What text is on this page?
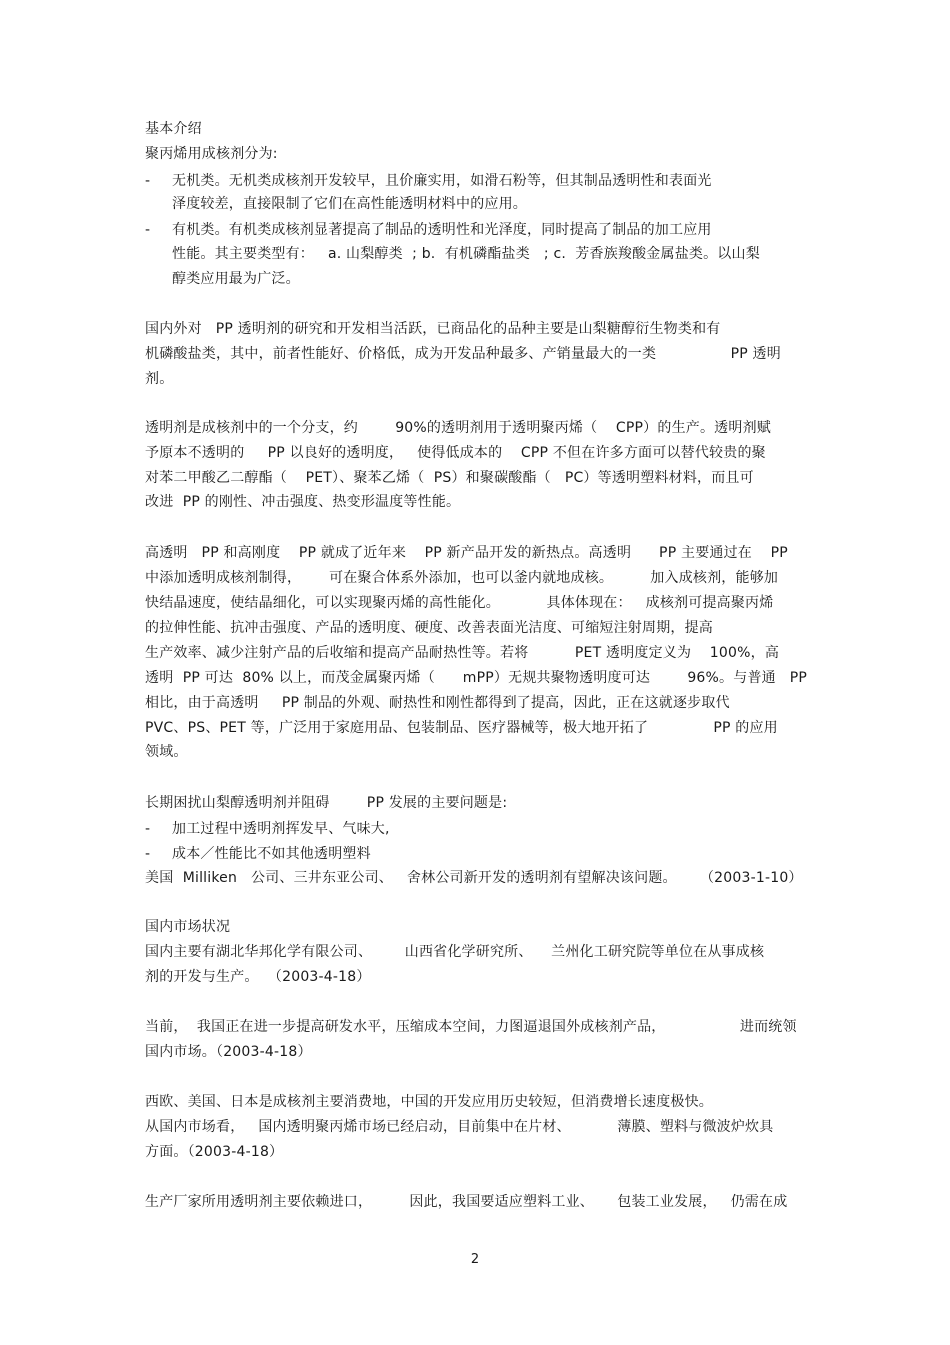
基本介绍
聚丙烯用成核剂分为:
- 无机类。无机类成核剂开发较早，且价廉实用，如滑石粉等，但其制品透明性和表面光
泽度较差，直接限制了它们在高性能透明材料中的应用。
- 有机类。有机类成核剂显著提高了制品的透明性和光泽度，同时提高了制品的加工应用
性能。其主要类型有：   a. 山梨醇类  ; b.  有机磷酯盐类   ; c.  芳香族羧酸金属盐类。以山梨
醇类应用最为广泛。
国内外对   PP 透明剂的研究和开发相当活跃，已商品化的品种主要是山梨糖醇衍生物类和有
机磷酸盐类，其中，前者性能好、价格低，成为开发品种最多、产销量最大的一类                PP 透明
剂。
透明剂是成核剂中的一个分支，约        90%的透明剂用于透明聚丙烯（    CPP）的生产。透明剂赋
予原本不透明的     PP 以良好的透明度，   使得低成本的    CPP 不但在许多方面可以替代较贵的聚
对苯二甲酸乙二醇酯（    PET）、聚苯乙烯（  PS）和聚碳酸酯（   PC）等透明塑料材料，而且可
改进  PP 的刚性、冲击强度、热变形温度等性能。
高透明   PP 和高刚度    PP 就成了近年来    PP 新产品开发的新热点。高透明      PP 主要通过在    PP
中添加透明成核剂制得，      可在聚合体系外添加，也可以釜内就地成核。        加入成核剂，能够加
快结晶速度，使结晶细化，可以实现聚丙烯的高性能化。          具体体现在：   成核剂可提高聚丙烯
的拉伸性能、抗冲击强度、产品的透明度、硬度、改善表面光洁度、可缩短注射周期，提高
生产效率、减少注射产品的后收缩和提高产品耐热性等。若将          PET 透明度定义为    100%，高
透明  PP 可达  80% 以上，而茂金属聚丙烯（      mPP）无规共聚物透明度可达        96%。与普通   PP
相比，由于高透明     PP 制品的外观、耐热性和刚性都得到了提高，因此，正在这就逐步取代
PVC、PS、PET 等，广泛用于家庭用品、包装制品、医疗器械等，极大地开拓了              PP 的应用
领域。
长期困扰山梨醇透明剂并阻碍        PP 发展的主要问题是:
- 加工过程中透明剂挥发早、气味大,
- 成本／性能比不如其他透明塑料
美国  Milliken   公司、三井东亚公司、   舍林公司新开发的透明剂有望解决该问题。     （2003-1-10）
国内市场状况
国内主要有湖北华邦化学有限公司、       山西省化学研究所、    兰州化工研究院等单位在从事成核
剂的开发与生产。  （2003-4-18）
当前，  我国正在进一步提高研发水平，压缩成本空间，力图逼退国外成核剂产品，                进而统领
国内市场。（2003-4-18）
西欧、美国、日本是成核剂主要消费地，中国的开发应用历史较短，但消费增长速度极快。
从国内市场看，   国内透明聚丙烯市场已经启动，目前集中在片材、          薄膜、塑料与微波炉炊具
方面。（2003-4-18）
生产厂家所用透明剂主要依赖进口，        因此，我国要适应塑料工业、     包装工业发展，   仍需在成
2
